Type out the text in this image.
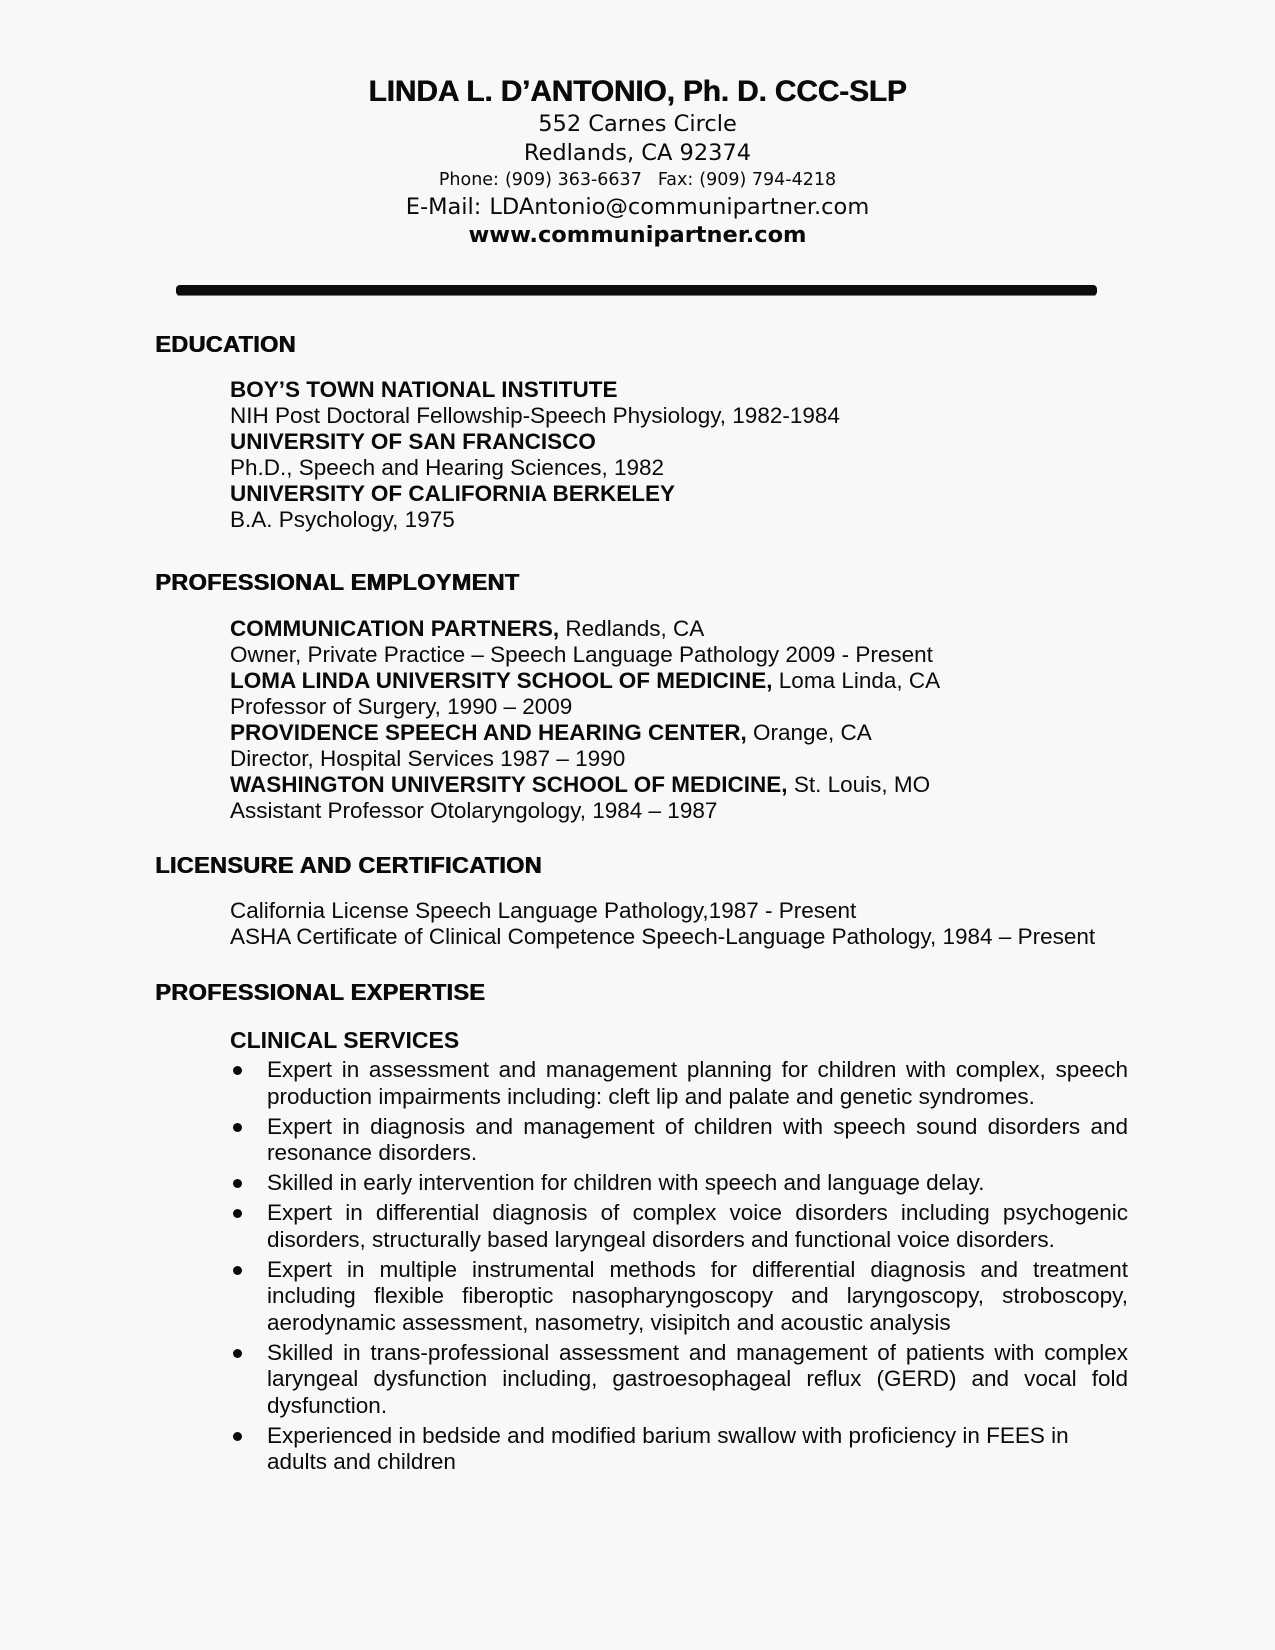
LINDA L. D’ANTONIO, Ph. D. CCC-SLP
552 Carnes Circle
Redlands, CA 92374
Phone: (909) 363-6637 Fax: (909) 794-4218
E-Mail: LDAntonio@communipartner.com
www.communipartner.com
EDUCATION

BOY’S TOWN NATIONAL INSTITUTE

NIH Post Doctoral Fellowship-Speech Physiology, 1982-1984

UNIVERSITY OF SAN FRANCISCO

Ph.D., Speech and Hearing Sciences, 1982

UNIVERSITY OF CALIFORNIA BERKELEY

B.A. Psychology, 1975

PROFESSIONAL EMPLOYMENT

COMMUNICATION PARTNERS, Redlands, CA

Owner, Private Practice – Speech Language Pathology 2009 - Present

LOMA LINDA UNIVERSITY SCHOOL OF MEDICINE, Loma Linda, CA

Professor of Surgery, 1990 – 2009

PROVIDENCE SPEECH AND HEARING CENTER, Orange, CA

Director, Hospital Services 1987 – 1990

WASHINGTON UNIVERSITY SCHOOL OF MEDICINE, St. Louis, MO

Assistant Professor Otolaryngology, 1984 – 1987

LICENSURE AND CERTIFICATION

California License Speech Language Pathology,1987 - Present

ASHA Certificate of Clinical Competence Speech-Language Pathology, 1984 – Present

PROFESSIONAL EXPERTISE
CLINICAL SERVICES
Expert in assessment and management planning for children with complex, speech production impairments including: cleft lip and palate and genetic syndromes.
Expert in diagnosis and management of children with speech sound disorders and resonance disorders.
Skilled in early intervention for children with speech and language delay.
Expert in differential diagnosis of complex voice disorders including psychogenic disorders, structurally based laryngeal disorders and functional voice disorders.
Expert in multiple instrumental methods for differential diagnosis and treatment including flexible fiberoptic nasopharyngoscopy and laryngoscopy, stroboscopy, aerodynamic assessment, nasometry, visipitch and acoustic analysis
Skilled in trans-professional assessment and management of patients with complex laryngeal dysfunction including, gastroesophageal reflux (GERD) and vocal fold dysfunction.
Experienced in bedside and modified barium swallow with proficiency in FEES in adults and children
